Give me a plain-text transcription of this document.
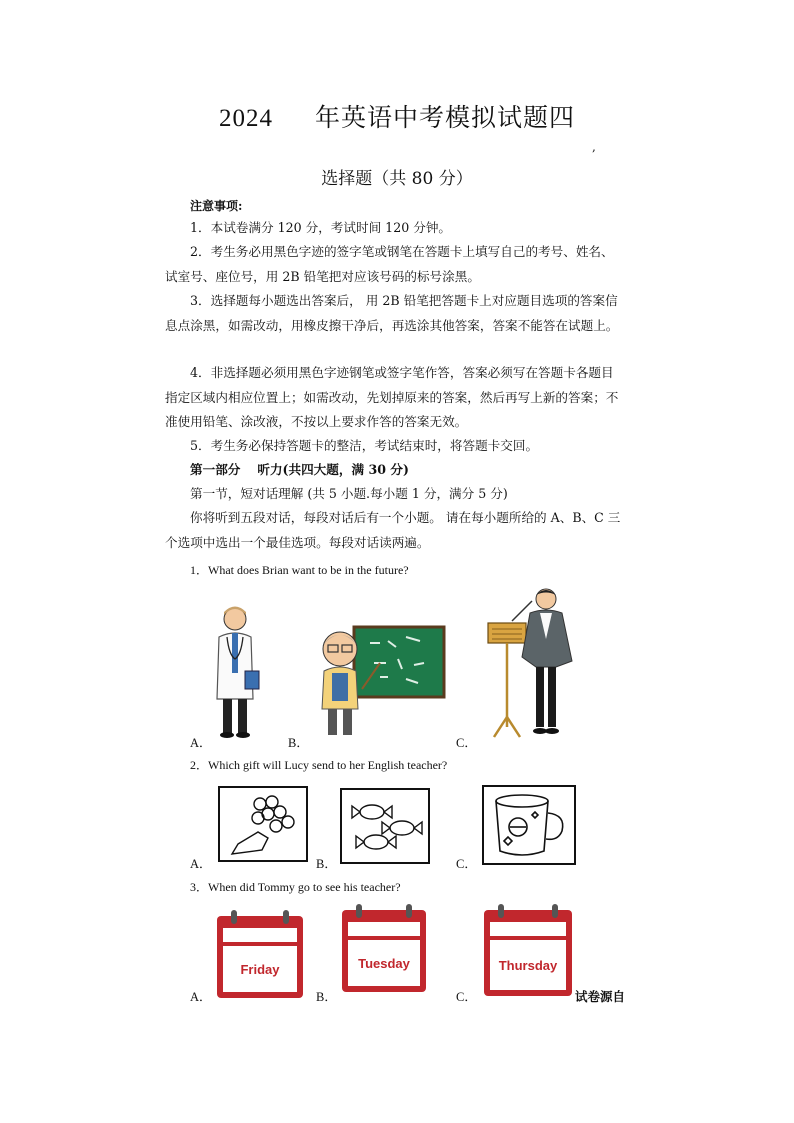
2024 年英语中考模拟试题四
,
选择题（共 80 分）
注意事项:
1．本试卷满分 120 分，考试时间 120 分钟。
2．考生务必用黑色字迹的签字笔或钢笔在答题卡上填写自己的考号、姓名、试室号、座位号，用 2B 铅笔把对应该号码的标号涂黑。
3．选择题每小题选出答案后， 用 2B 铅笔把答题卡上对应题目选项的答案信息点涂黑，如需改动，用橡皮擦干净后，再选涂其他答案，答案不能答在试题上。
4．非选择题必须用黑色字迹钢笔或签字笔作答，答案必须写在答题卡各题目指定区域内相应位置上；如需改动，先划掉原来的答案，然后再写上新的答案；不准使用铅笔、涂改液，不按以上要求作答的答案无效。
5．考生务必保持答题卡的整洁，考试结束时，将答题卡交回。
第一部分　 听力(共四大题，满 30 分)
第一节，短对话理解 (共 5 小题.每小题 1 分，满分 5 分)
你将听到五段对话，每段对话后有一个小题。 请在每小题所给的 A、B、C 三个选项中选出一个最佳选项。每段对话读两遍。
1．What does Brian want to be in the future?
A．	B．	C．
2．Which gift will Lucy send to her English teacher?
A．	B．	C．
3．When did Tommy go to see his teacher?
Friday	Tuesday	Thursday
A．	B．	C．	试卷源自
